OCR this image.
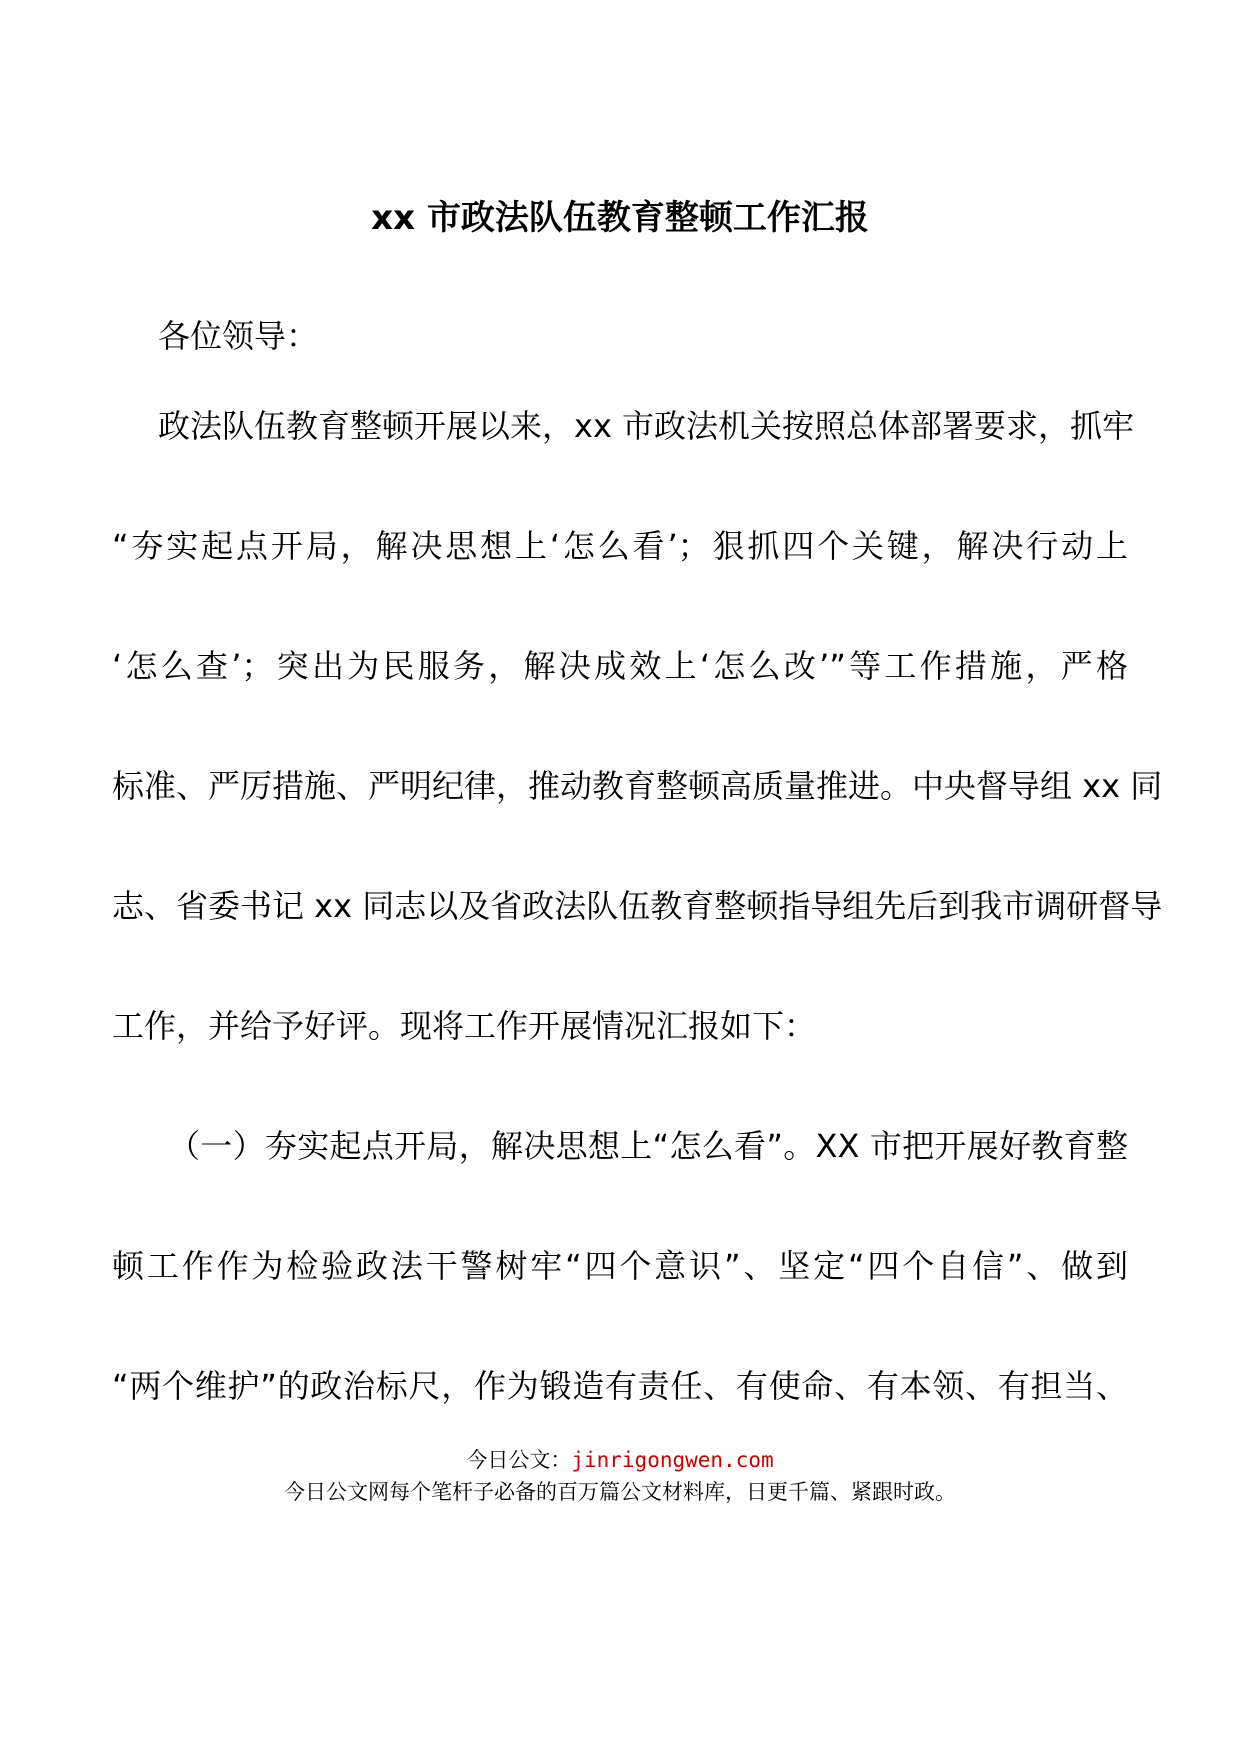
xx 市政法队伍教育整顿工作汇报
各位领导：
政法队伍教育整顿开展以来，xx 市政法机关按照总体部署要求，抓牢
“夯实起点开局，解决思想上‘怎么看’；狠抓四个关键，解决行动上
‘怎么查’；突出为民服务，解决成效上‘怎么改’”等工作措施，严格
标准、严厉措施、严明纪律，推动教育整顿高质量推进。中央督导组 xx 同
志、省委书记 xx 同志以及省政法队伍教育整顿指导组先后到我市调研督导
工作，并给予好评。现将工作开展情况汇报如下：
（一）夯实起点开局，解决思想上“怎么看”。XX 市把开展好教育整
顿工作作为检验政法干警树牢“四个意识”、坚定“四个自信”、做到
“两个维护”的政治标尺，作为锻造有责任、有使命、有本领、有担当、
今日公文：jinrigongwen.com
今日公文网每个笔杆子必备的百万篇公文材料库，日更千篇、紧跟时政。
